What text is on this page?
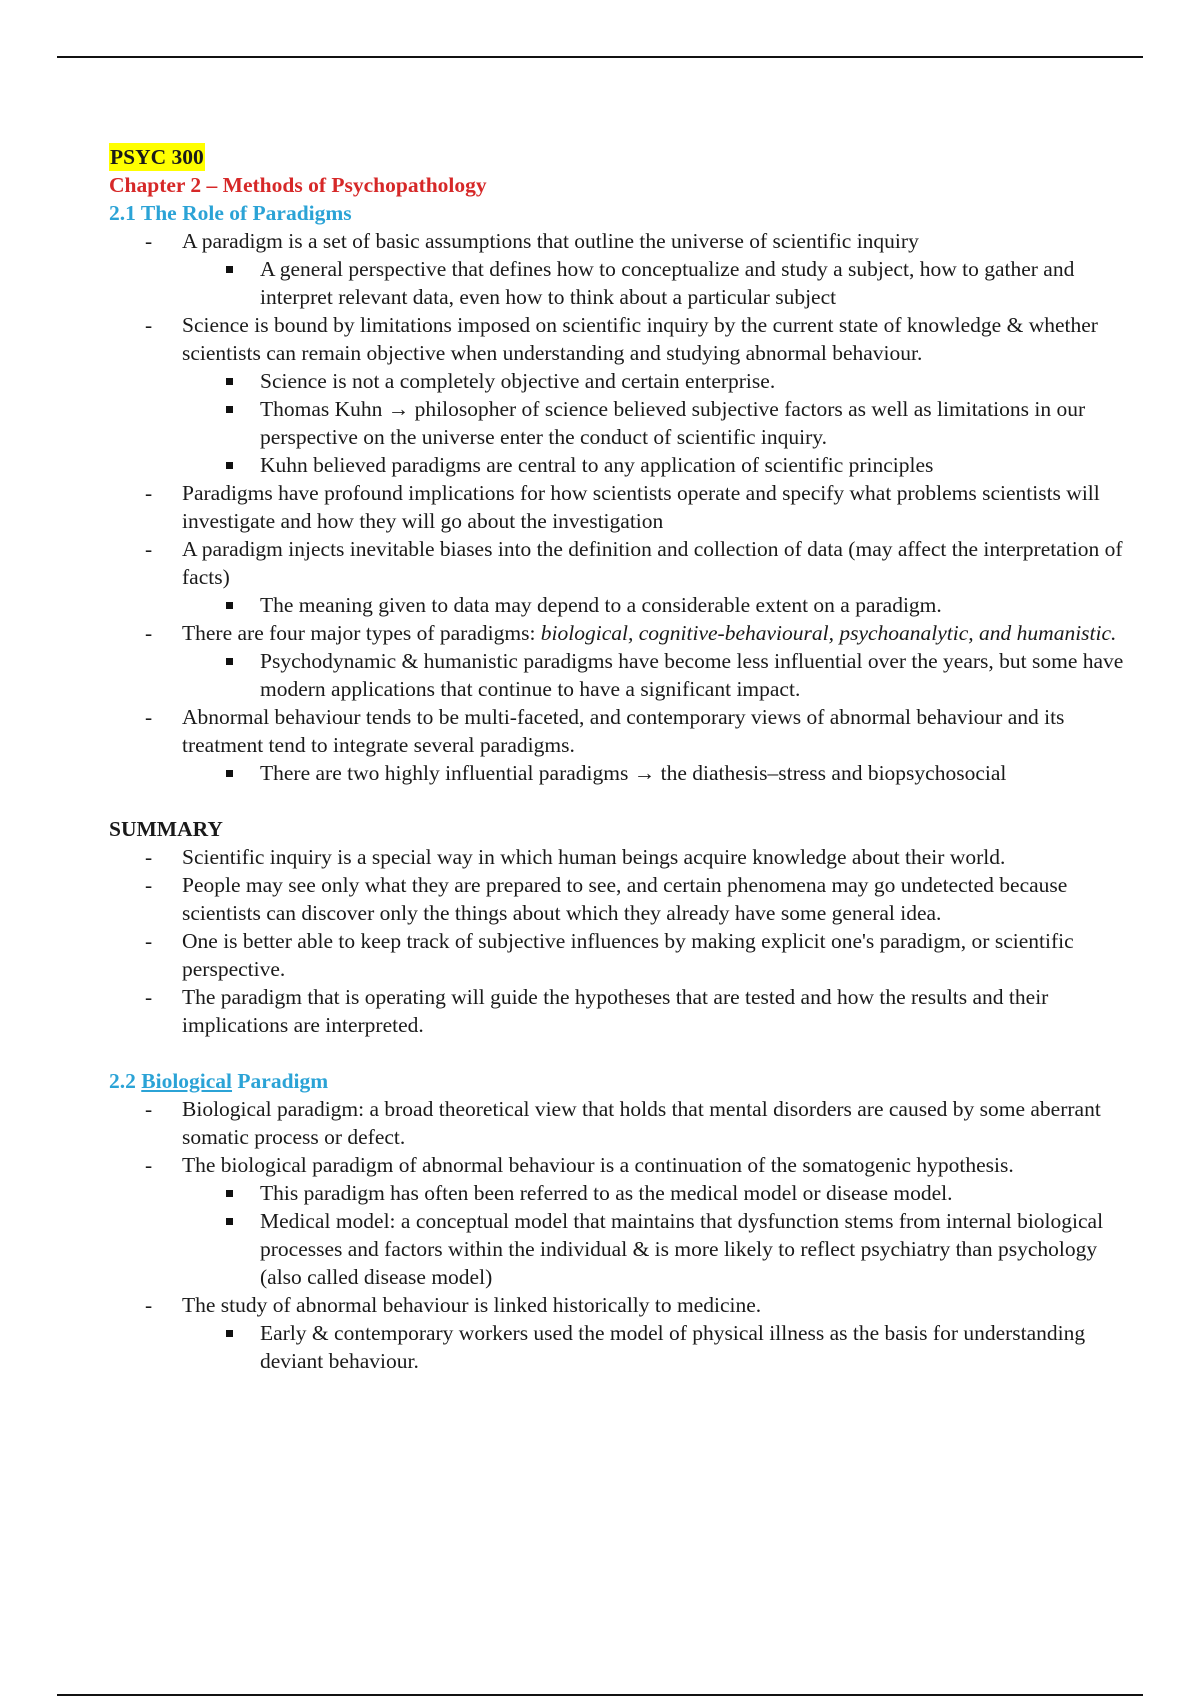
PSYC 300
Chapter 2 – Methods of Psychopathology
2.1 The Role of Paradigms
- A paradigm is a set of basic assumptions that outline the universe of scientific inquiry
A general perspective that defines how to conceptualize and study a subject, how to gather and interpret relevant data, even how to think about a particular subject
- Science is bound by limitations imposed on scientific inquiry by the current state of knowledge & whether scientists can remain objective when understanding and studying abnormal behaviour.
Science is not a completely objective and certain enterprise.
Thomas Kuhn → philosopher of science believed subjective factors as well as limitations in our perspective on the universe enter the conduct of scientific inquiry.
Kuhn believed paradigms are central to any application of scientific principles
- Paradigms have profound implications for how scientists operate and specify what problems scientists will investigate and how they will go about the investigation
- A paradigm injects inevitable biases into the definition and collection of data (may affect the interpretation of facts)
The meaning given to data may depend to a considerable extent on a paradigm.
- There are four major types of paradigms: biological, cognitive-behavioural, psychoanalytic, and humanistic.
Psychodynamic & humanistic paradigms have become less influential over the years, but some have modern applications that continue to have a significant impact.
- Abnormal behaviour tends to be multi-faceted, and contemporary views of abnormal behaviour and its treatment tend to integrate several paradigms.
There are two highly influential paradigms → the diathesis–stress and biopsychosocial
SUMMARY
- Scientific inquiry is a special way in which human beings acquire knowledge about their world.
- People may see only what they are prepared to see, and certain phenomena may go undetected because scientists can discover only the things about which they already have some general idea.
- One is better able to keep track of subjective influences by making explicit one's paradigm, or scientific perspective.
- The paradigm that is operating will guide the hypotheses that are tested and how the results and their implications are interpreted.
2.2 Biological Paradigm
- Biological paradigm: a broad theoretical view that holds that mental disorders are caused by some aberrant somatic process or defect.
- The biological paradigm of abnormal behaviour is a continuation of the somatogenic hypothesis.
This paradigm has often been referred to as the medical model or disease model.
Medical model: a conceptual model that maintains that dysfunction stems from internal biological processes and factors within the individual & is more likely to reflect psychiatry than psychology (also called disease model)
- The study of abnormal behaviour is linked historically to medicine.
Early & contemporary workers used the model of physical illness as the basis for understanding deviant behaviour.
